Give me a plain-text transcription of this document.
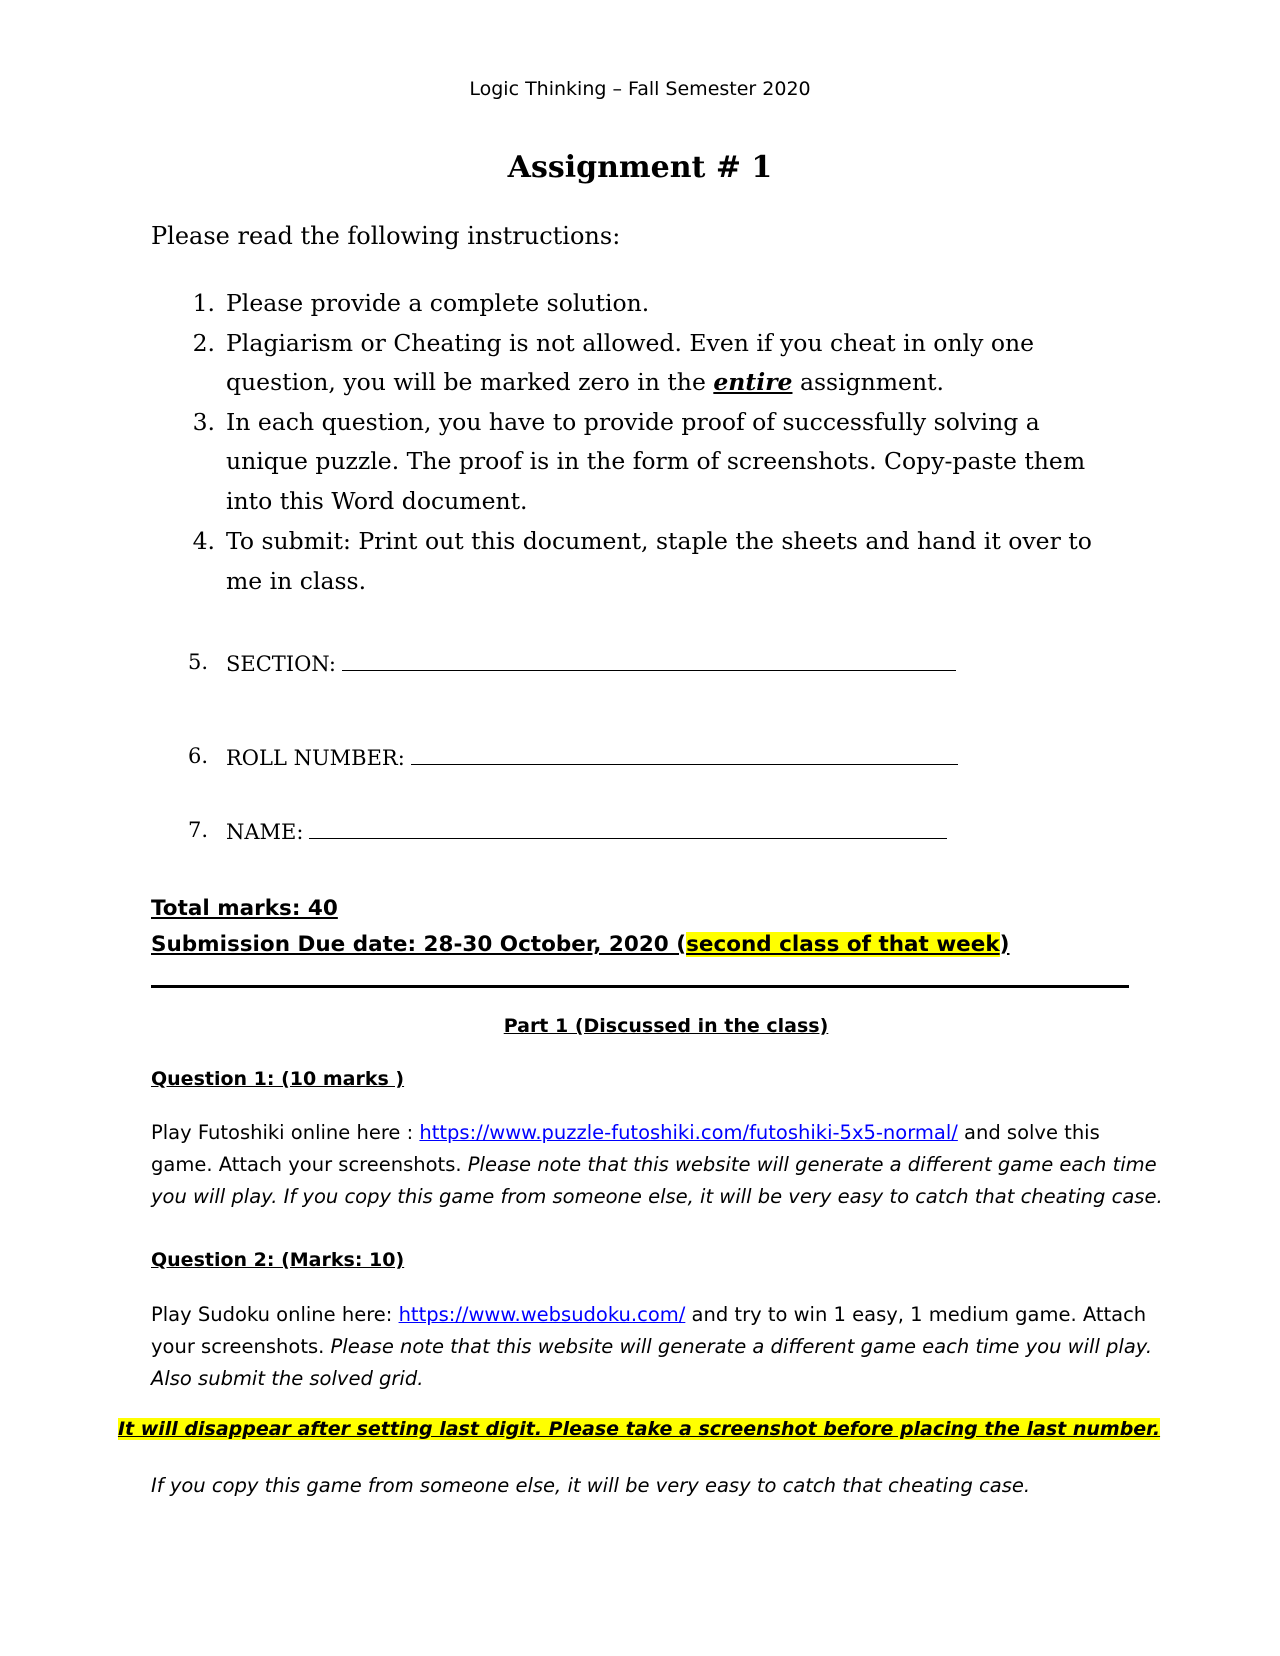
Logic Thinking – Fall Semester 2020
Assignment # 1
Please read the following instructions:
1. Please provide a complete solution.
2. Plagiarism or Cheating is not allowed. Even if you cheat in only one
question, you will be marked zero in the entire assignment.
3. In each question, you have to provide proof of successfully solving a
unique puzzle. The proof is in the form of screenshots. Copy-paste them
into this Word document.
4. To submit: Print out this document, staple the sheets and hand it over to
me in class.
5. SECTION:
6. ROLL NUMBER:
7. NAME:
Total marks: 40
Submission Due date: 28-30 October, 2020 (second class of that week)
Part 1 (Discussed in the class)
Question 1: (10 marks )
Play Futoshiki online here : https://www.puzzle-futoshiki.com/futoshiki-5x5-normal/ and solve this
game. Attach your screenshots. Please note that this website will generate a different game each time
you will play. If you copy this game from someone else, it will be very easy to catch that cheating case.
Question 2: (Marks: 10)
Play Sudoku online here: https://www.websudoku.com/ and try to win 1 easy, 1 medium game. Attach
your screenshots. Please note that this website will generate a different game each time you will play.
Also submit the solved grid.
It will disappear after setting last digit. Please take a screenshot before placing the last number.
If you copy this game from someone else, it will be very easy to catch that cheating case.
